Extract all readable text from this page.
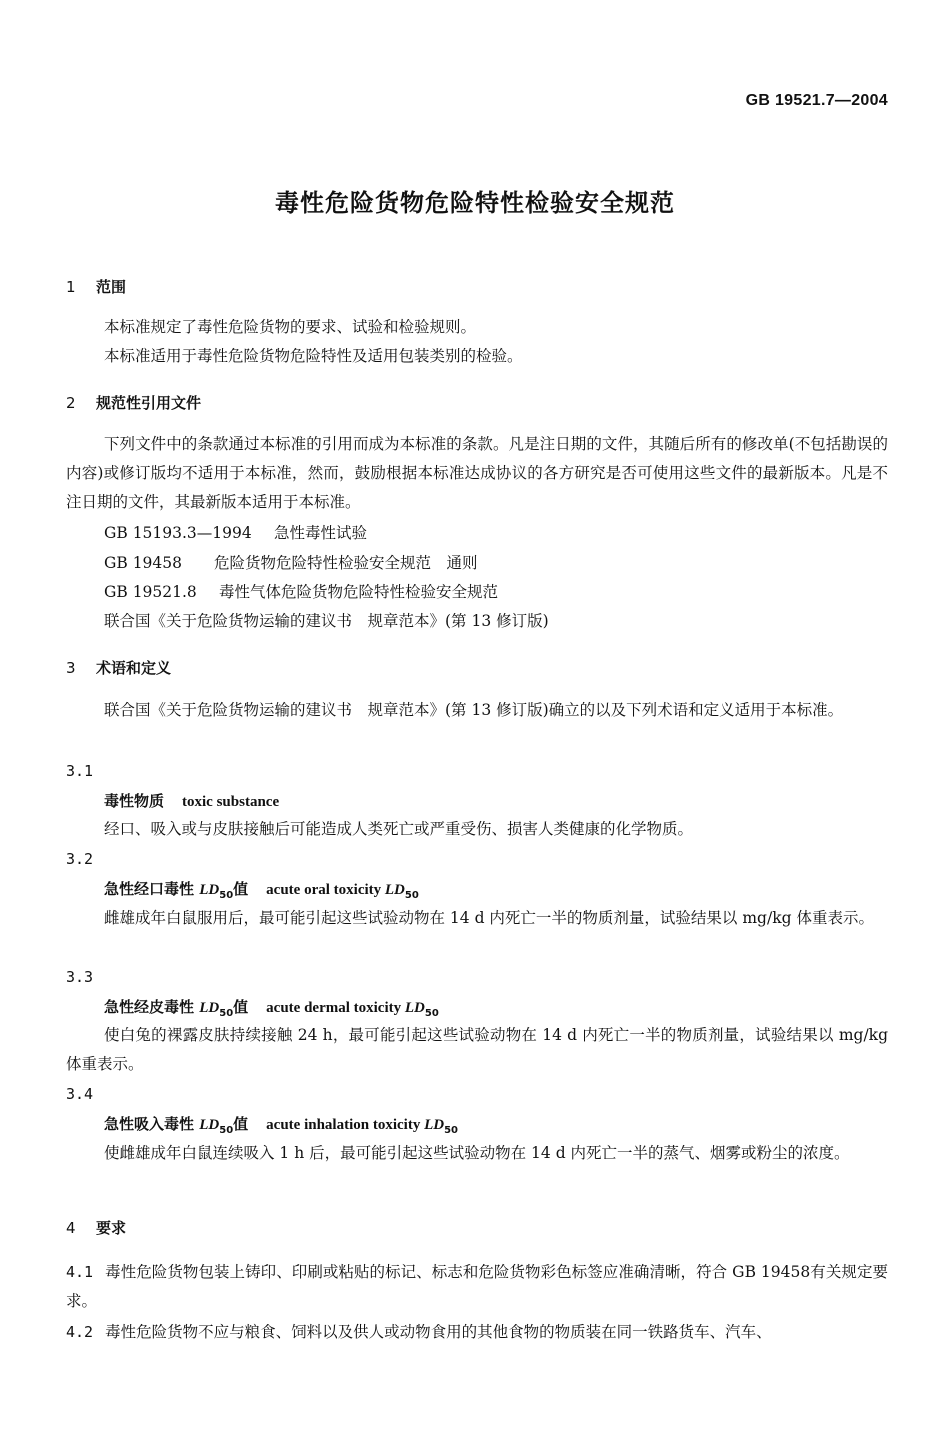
GB 19521.7—2004
毒性危险货物危险特性检验安全规范
1 范围
本标准规定了毒性危险货物的要求、试验和检验规则。
本标准适用于毒性危险货物危险特性及适用包装类别的检验。
2 规范性引用文件
下列文件中的条款通过本标准的引用而成为本标准的条款。凡是注日期的文件，其随后所有的修改单(不包括勘误的内容)或修订版均不适用于本标准，然而，鼓励根据本标准达成协议的各方研究是否可使用这些文件的最新版本。凡是不注日期的文件，其最新版本适用于本标准。
GB 15193.3—1994 急性毒性试验
GB 19458 危险货物危险特性检验安全规范　通则
GB 19521.8 毒性气体危险货物危险特性检验安全规范
联合国《关于危险货物运输的建议书　规章范本》(第 13 修订版)
3 术语和定义
联合国《关于危险货物运输的建议书　规章范本》(第 13 修订版)确立的以及下列术语和定义适用于本标准。
3.1
毒性物质 toxic substance
经口、吸入或与皮肤接触后可能造成人类死亡或严重受伤、损害人类健康的化学物质。
3.2
急性经口毒性 $LD_{50}$值 acute oral toxicity $LD_{50}$
雌雄成年白鼠服用后，最可能引起这些试验动物在 14 d 内死亡一半的物质剂量，试验结果以 mg/kg 体重表示。
3.3
急性经皮毒性 $LD_{50}$值 acute dermal toxicity $LD_{50}$
使白兔的裸露皮肤持续接触 24 h，最可能引起这些试验动物在 14 d 内死亡一半的物质剂量，试验结果以 mg/kg 体重表示。
3.4
急性吸入毒性 $LD_{50}$值 acute inhalation toxicity $LD_{50}$
使雌雄成年白鼠连续吸入 1 h 后，最可能引起这些试验动物在 14 d 内死亡一半的蒸气、烟雾或粉尘的浓度。
4 要求
4.1 毒性危险货物包装上铸印、印刷或粘贴的标记、标志和危险货物彩色标签应准确清晰，符合 GB 19458有关规定要求。
4.2 毒性危险货物不应与粮食、饲料以及供人或动物食用的其他食物的物质装在同一铁路货车、汽车、
